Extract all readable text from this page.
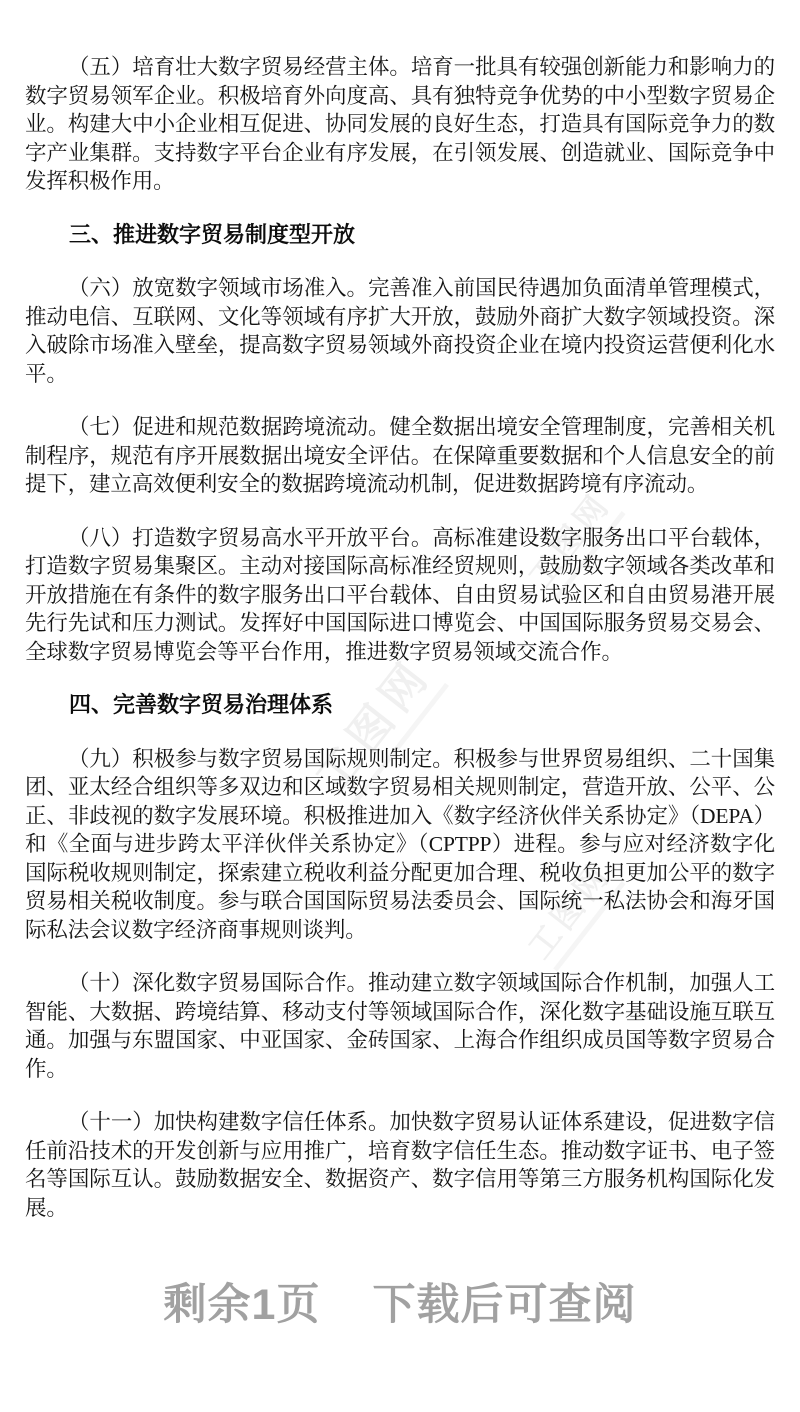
工图网
工图网
工图网

（五）培育壮大数字贸易经营主体。培育一批具有较强创新能力和影响力的数字贸易领军企业。积极培育外向度高、具有独特竞争优势的中小型数字贸易企业。构建大中小企业相互促进、协同发展的良好生态，打造具有国际竞争力的数字产业集群。支持数字平台企业有序发展，在引领发展、创造就业、国际竞争中发挥积极作用。

三、推进数字贸易制度型开放

（六）放宽数字领域市场准入。完善准入前国民待遇加负面清单管理模式，推动电信、互联网、文化等领域有序扩大开放，鼓励外商扩大数字领域投资。深入破除市场准入壁垒，提高数字贸易领域外商投资企业在境内投资运营便利化水平。

（七）促进和规范数据跨境流动。健全数据出境安全管理制度，完善相关机制程序，规范有序开展数据出境安全评估。在保障重要数据和个人信息安全的前提下，建立高效便利安全的数据跨境流动机制，促进数据跨境有序流动。

（八）打造数字贸易高水平开放平台。高标准建设数字服务出口平台载体，打造数字贸易集聚区。主动对接国际高标准经贸规则，鼓励数字领域各类改革和开放措施在有条件的数字服务出口平台载体、自由贸易试验区和自由贸易港开展先行先试和压力测试。发挥好中国国际进口博览会、中国国际服务贸易交易会、全球数字贸易博览会等平台作用，推进数字贸易领域交流合作。

四、完善数字贸易治理体系

（九）积极参与数字贸易国际规则制定。积极参与世界贸易组织、二十国集团、亚太经合组织等多双边和区域数字贸易相关规则制定，营造开放、公平、公正、非歧视的数字发展环境。积极推进加入《数字经济伙伴关系协定》（DEPA）和《全面与进步跨太平洋伙伴关系协定》（CPTPP）进程。参与应对经济数字化国际税收规则制定，探索建立税收利益分配更加合理、税收负担更加公平的数字贸易相关税收制度。参与联合国国际贸易法委员会、国际统一私法协会和海牙国际私法会议数字经济商事规则谈判。

（十）深化数字贸易国际合作。推动建立数字领域国际合作机制，加强人工智能、大数据、跨境结算、移动支付等领域国际合作，深化数字基础设施互联互通。加强与东盟国家、中亚国家、金砖国家、上海合作组织成员国等数字贸易合作。

（十一）加快构建数字信任体系。加快数字贸易认证体系建设，促进数字信任前沿技术的开发创新与应用推广，培育数字信任生态。推动数字证书、电子签名等国际互认。鼓励数据安全、数据资产、数字信用等第三方服务机构国际化发展。

剩余1页 下载后可查阅
